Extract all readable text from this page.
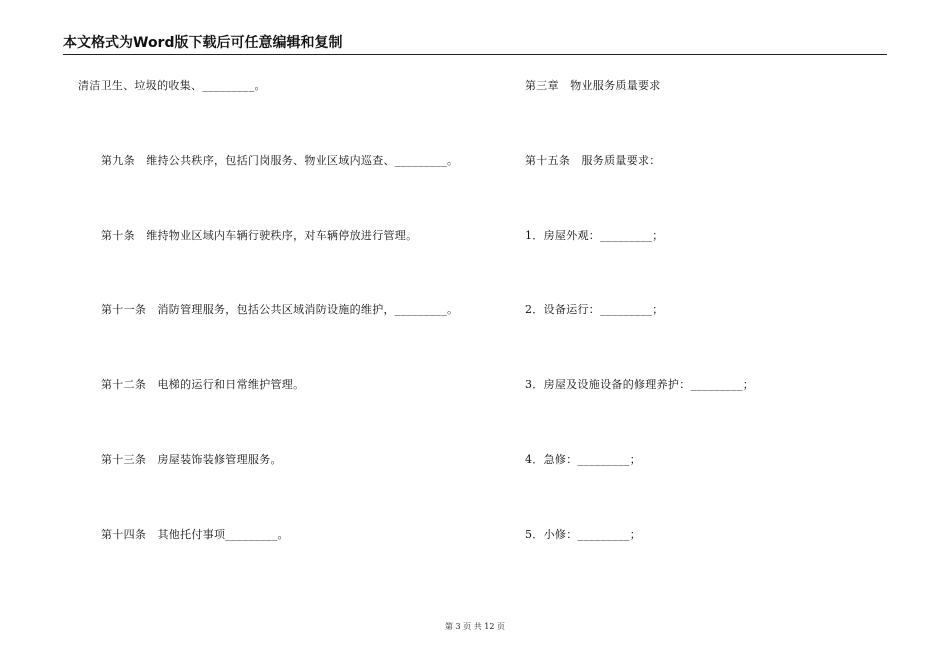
本文格式为Word版下载后可任意编辑和复制
清洁卫生、垃圾的收集、_________。
第九条　维持公共秩序，包括门岗服务、物业区域内巡查、_________。
第十条　维持物业区域内车辆行驶秩序，对车辆停放进行管理。
第十一条　消防管理服务，包括公共区域消防设施的维护，_________。
第十二条　电梯的运行和日常维护管理。
第十三条　房屋装饰装修管理服务。
第十四条　其他托付事项_________。
第三章　物业服务质量要求
第十五条　服务质量要求：
1．房屋外观：_________；
2．设备运行：_________；
3．房屋及设施设备的修理养护：_________；
4．急修：_________；
5．小修：_________；
第 3 页 共 12 页
